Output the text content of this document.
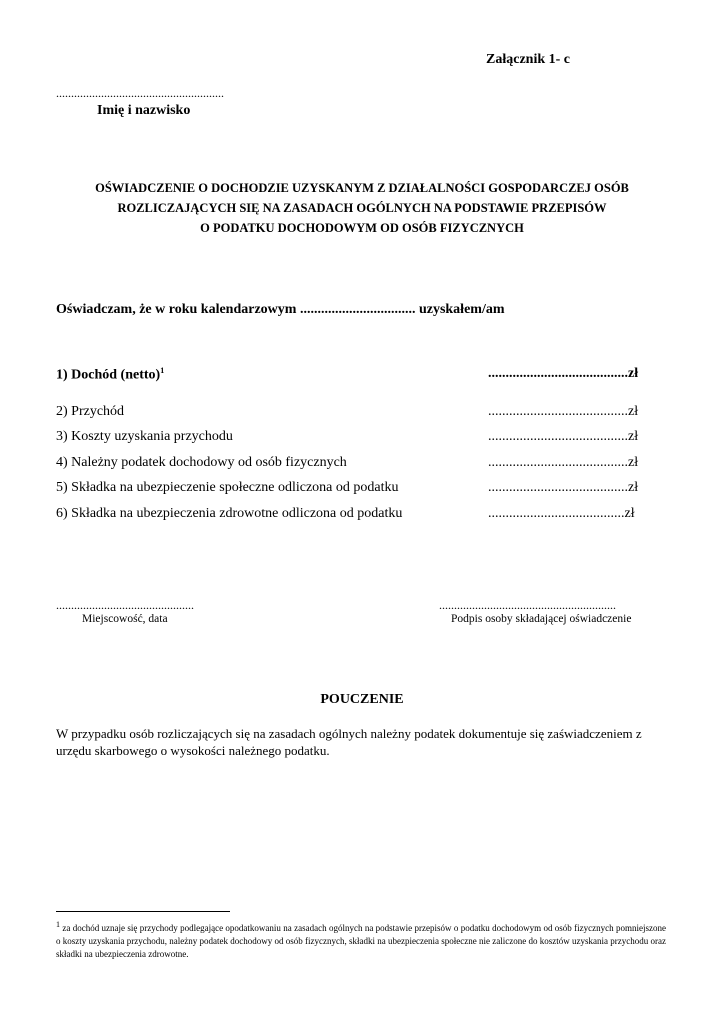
Załącznik 1- c
........................................................
Imię i nazwisko
OŚWIADCZENIE O DOCHODZIE UZYSKANYM Z DZIAŁALNOŚCI GOSPODARCZEJ OSÓB
ROZLICZAJĄCYCH SIĘ NA ZASADACH OGÓLNYCH NA PODSTAWIE PRZEPISÓW
O PODATKU DOCHODOWYM OD OSÓB FIZYCZNYCH
Oświadczam, że w roku kalendarzowym ................................. uzyskałem/am
1) Dochód (netto)$^1$	........................................zł
2) Przychód	........................................zł
3) Koszty uzyskania przychodu	........................................zł
4) Należny podatek dochodowy od osób fizycznych	........................................zł
5) Składka na ubezpieczenie społeczne odliczona od podatku	........................................zł
6) Składka na ubezpieczenia zdrowotne odliczona od podatku	.......................................zł
..............................................
Miejscowość, data
...........................................................
Podpis osoby składającej oświadczenie
POUCZENIE
W przypadku osób rozliczających się na zasadach ogólnych należny podatek dokumentuje się zaświadczeniem z urzędu skarbowego o wysokości należnego podatku.
$^1$ za dochód uznaje się przychody podlegające opodatkowaniu na zasadach ogólnych na podstawie przepisów o podatku dochodowym od osób fizycznych pomniejszone o koszty uzyskania przychodu, należny podatek dochodowy od osób fizycznych, składki na ubezpieczenia społeczne nie zaliczone do kosztów uzyskania przychodu oraz składki na ubezpieczenia zdrowotne.
